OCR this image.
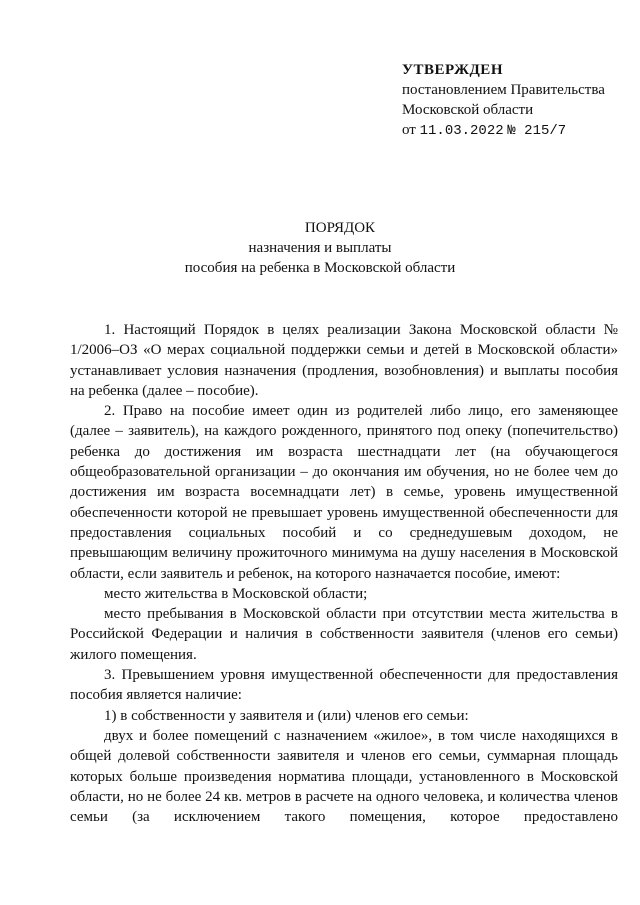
УТВЕРЖДЕН
постановлением Правительства
Московской области
от 11.03.2022 № 215/7
ПОРЯДОК
назначения и выплаты
пособия на ребенка в Московской области

1. Настоящий Порядок в целях реализации Закона Московской области № 1/2006–ОЗ «О мерах социальной поддержки семьи и детей в Московской области» устанавливает условия назначения (продления, возобновления) и выплаты пособия на ребенка (далее – пособие).

2. Право на пособие имеет один из родителей либо лицо, его заменяющее (далее – заявитель), на каждого рожденного, принятого под опеку (попечительство) ребенка до достижения им возраста шестнадцати лет (на обучающегося общеобразовательной организации – до окончания им обучения, но не более чем до достижения им возраста восемнадцати лет) в семье, уровень имущественной обеспеченности которой не превышает уровень имущественной обеспеченности для предоставления социальных пособий и со среднедушевым доходом, не превышающим величину прожиточного минимума на душу населения в Московской области, если заявитель и ребенок, на которого назначается пособие, имеют:

место жительства в Московской области;

место пребывания в Московской области при отсутствии места жительства в Российской Федерации и наличия в собственности заявителя (членов его семьи) жилого помещения.

3. Превышением уровня имущественной обеспеченности для предоставления пособия является наличие:

1) в собственности у заявителя и (или) членов его семьи:

двух и более помещений с назначением «жилое», в том числе находящихся в общей долевой собственности заявителя и членов его семьи, суммарная площадь которых больше произведения норматива площади, установленного в Московской области, но не более 24 кв. метров в расчете на одного человека, и количества членов семьи (за исключением такого помещения, которое предоставлено
